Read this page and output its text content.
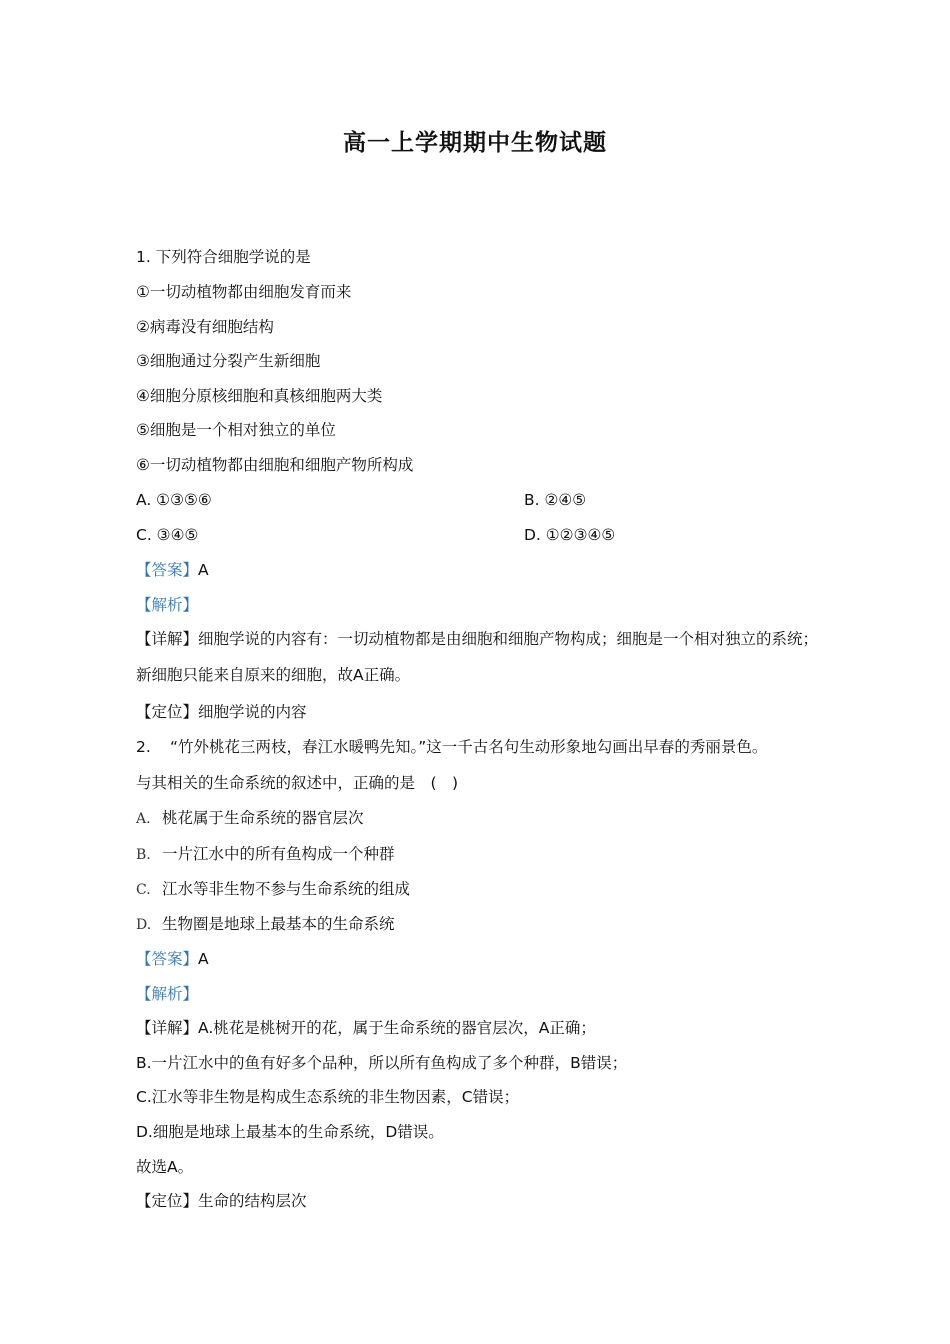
高一上学期期中生物试题
1. 下列符合细胞学说的是
①一切动植物都由细胞发育而来
②病毒没有细胞结构
③细胞通过分裂产生新细胞
④细胞分原核细胞和真核细胞两大类
⑤细胞是一个相对独立的单位
⑥一切动植物都由细胞和细胞产物所构成
A. ①③⑤⑥	B. ②④⑤
C. ③④⑤	D. ①②③④⑤
【答案】A
【解析】
【详解】细胞学说的内容有：一切动植物都是由细胞和细胞产物构成；细胞是一个相对独立的系统；新细胞只能来自原来的细胞，故A正确。
【定位】细胞学说的内容
2. “竹外桃花三两枝，春江水暖鸭先知。”这一千古名句生动形象地勾画出早春的秀丽景色。
与其相关的生命系统的叙述中，正确的是　(　)
A. 桃花属于生命系统的器官层次
B. 一片江水中的所有鱼构成一个种群
C. 江水等非生物不参与生命系统的组成
D. 生物圈是地球上最基本的生命系统
【答案】A
【解析】
【详解】A.桃花是桃树开的花，属于生命系统的器官层次，A正确；
B.一片江水中的鱼有好多个品种，所以所有鱼构成了多个种群，B错误；
C.江水等非生物是构成生态系统的非生物因素，C错误；
D.细胞是地球上最基本的生命系统，D错误。
故选A。
【定位】生命的结构层次
